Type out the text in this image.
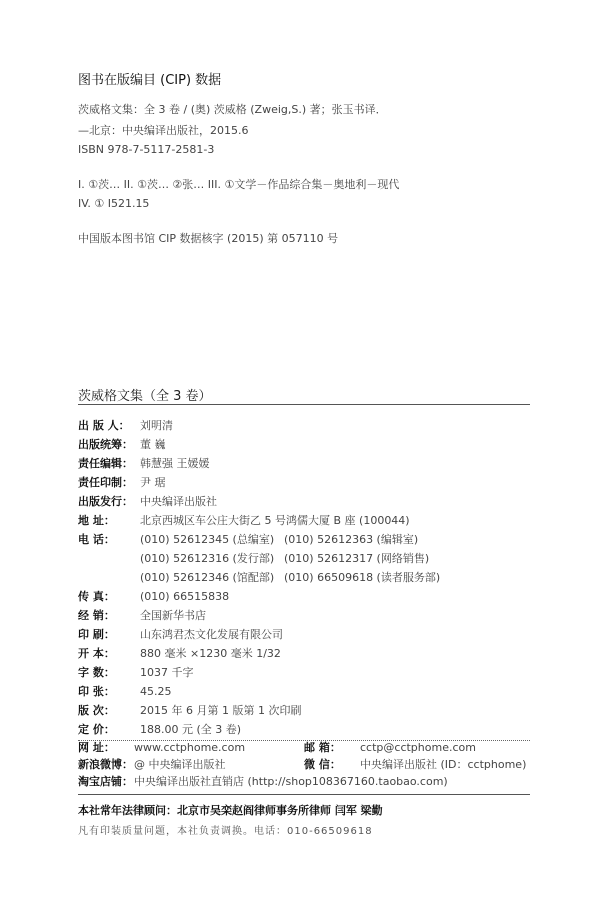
图书在版编目 (CIP) 数据
茨威格文集：全 3 卷 / (奥) 茨威格 (Zweig,S.) 著；张玉书译．
—北京：中央编译出版社，2015.6
ISBN 978-7-5117-2581-3
I. ①茨… II. ①茨… ②张… III. ①文学－作品综合集－奥地利－现代
IV. ① I521.15
中国版本图书馆 CIP 数据核字 (2015) 第 057110 号
茨威格文集（全 3 卷）
出 版 人： 刘明清
出版统筹： 董 巍
责任编辑： 韩慧强 王媛媛
责任印制： 尹 琚
出版发行： 中央编译出版社
地 址： 北京西城区车公庄大街乙 5 号鸿儒大厦 B 座 (100044)
电 话： (010) 52612345 (总编室) (010) 52612363 (编辑室)
(010) 52612316 (发行部) (010) 52612317 (网络销售)
(010) 52612346 (馆配部) (010) 66509618 (读者服务部)
传 真： (010) 66515838
经 销： 全国新华书店
印 刷： 山东鸿君杰文化发展有限公司
开 本： 880 毫米 ×1230 毫米 1/32
字 数： 1037 千字
印 张： 45.25
版 次： 2015 年 6 月第 1 版第 1 次印刷
定 价： 188.00 元 (全 3 卷)
网 址： www.cctphome.com	邮 箱： cctp@cctphome.com
新浪微博：@ 中央编译出版社	微 信： 中央编译出版社 (ID：cctphome)
淘宝店铺：中央编译出版社直销店 (http://shop108367160.taobao.com)
本社常年法律顾问：北京市吴栾赵阎律师事务所律师 闫军 梁勤
凡有印装质量问题，本社负责调换。电话：010-66509618
